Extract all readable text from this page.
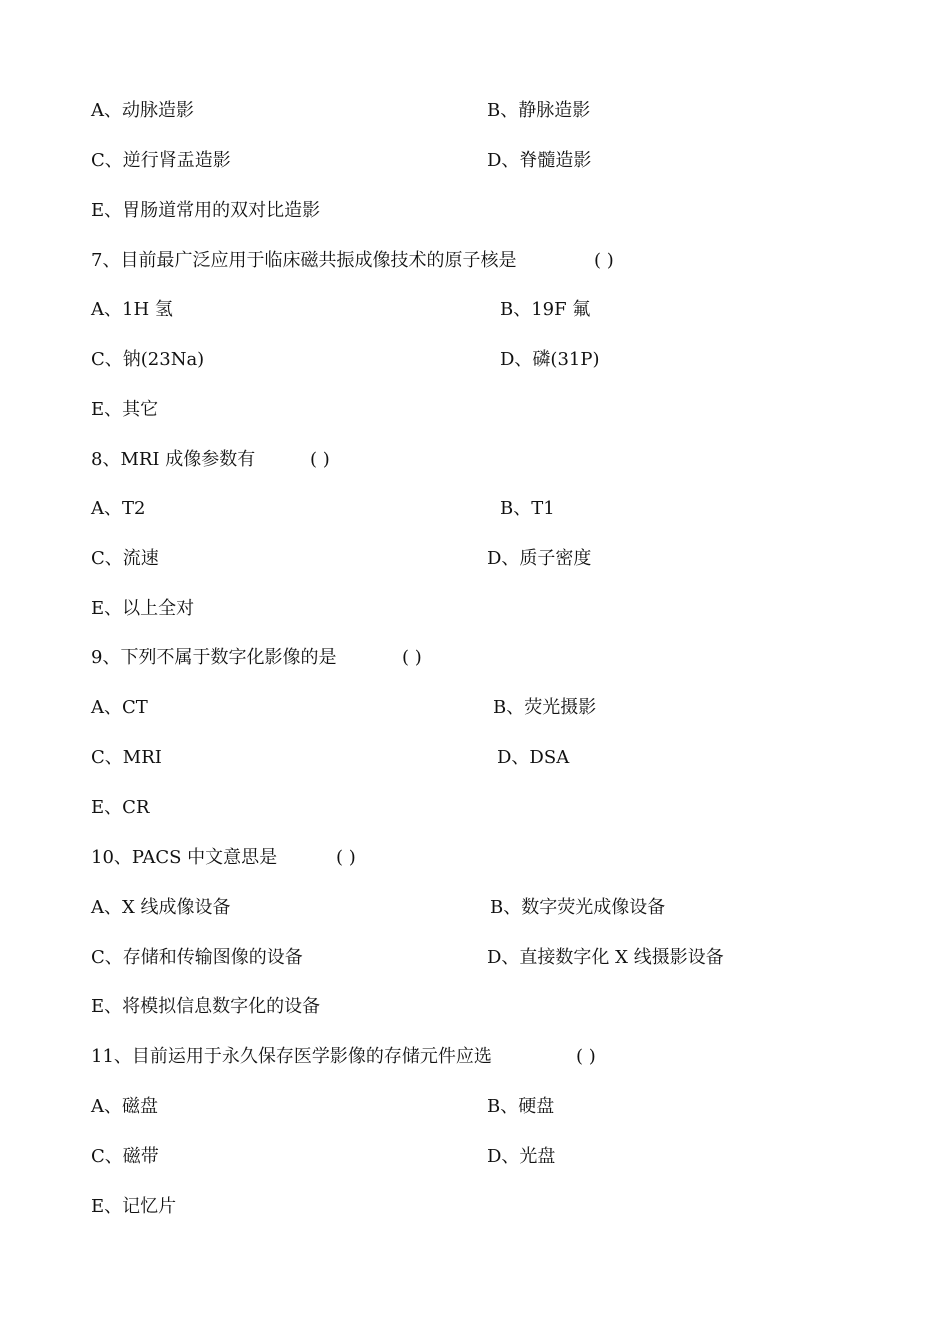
A、动脉造影	B、静脉造影
C、逆行肾盂造影	D、脊髓造影
E、胃肠道常用的双对比造影
7、目前最广泛应用于临床磁共振成像技术的原子核是	( )
A、1H 氢	B、19F 氟
C、钠(23Na)	D、磷(31P)
E、其它
8、MRI 成像参数有	( )
A、T2	B、T1
C、流速	D、质子密度
E、以上全对
9、下列不属于数字化影像的是	( )
A、CT	B、荧光摄影
C、MRI	D、DSA
E、CR
10、PACS 中文意思是	( )
A、X 线成像设备	B、数字荧光成像设备
C、存储和传输图像的设备	D、直接数字化 X 线摄影设备
E、将模拟信息数字化的设备
11、目前运用于永久保存医学影像的存储元件应选	( )
A、磁盘	B、硬盘
C、磁带	D、光盘
E、记忆片
